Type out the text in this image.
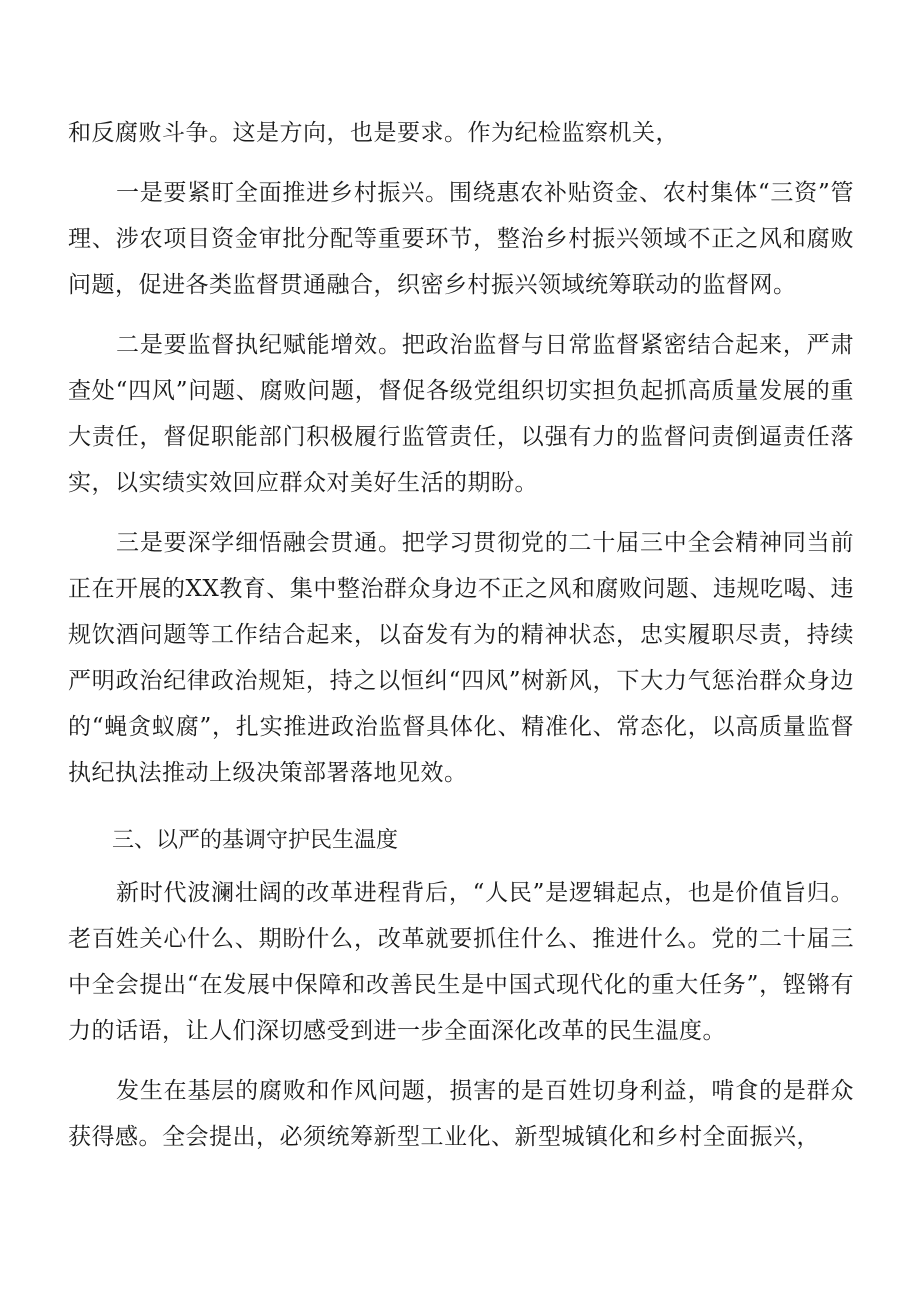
和反腐败斗争。这是方向，也是要求。作为纪检监察机关，

一是要紧盯全面推进乡村振兴。围绕惠农补贴资金、农村集体“三资”管理、涉农项目资金审批分配等重要环节，整治乡村振兴领域不正之风和腐败问题，促进各类监督贯通融合，织密乡村振兴领域统筹联动的监督网。

二是要监督执纪赋能增效。把政治监督与日常监督紧密结合起来，严肃查处“四风”问题、腐败问题，督促各级党组织切实担负起抓高质量发展的重大责任，督促职能部门积极履行监管责任，以强有力的监督问责倒逼责任落实，以实绩实效回应群众对美好生活的期盼。

三是要深学细悟融会贯通。把学习贯彻党的二十届三中全会精神同当前正在开展的XX教育、集中整治群众身边不正之风和腐败问题、违规吃喝、违规饮酒问题等工作结合起来，以奋发有为的精神状态，忠实履职尽责，持续严明政治纪律政治规矩，持之以恒纠“四风”树新风，下大力气惩治群众身边的“蝇贪蚁腐”，扎实推进政治监督具体化、精准化、常态化，以高质量监督执纪执法推动上级决策部署落地见效。

三、以严的基调守护民生温度

新时代波澜壮阔的改革进程背后，“人民”是逻辑起点，也是价值旨归。老百姓关心什么、期盼什么，改革就要抓住什么、推进什么。党的二十届三中全会提出“在发展中保障和改善民生是中国式现代化的重大任务”，铿锵有力的话语，让人们深切感受到进一步全面深化改革的民生温度。

发生在基层的腐败和作风问题，损害的是百姓切身利益，啃食的是群众获得感。全会提出，必须统筹新型工业化、新型城镇化和乡村全面振兴，
